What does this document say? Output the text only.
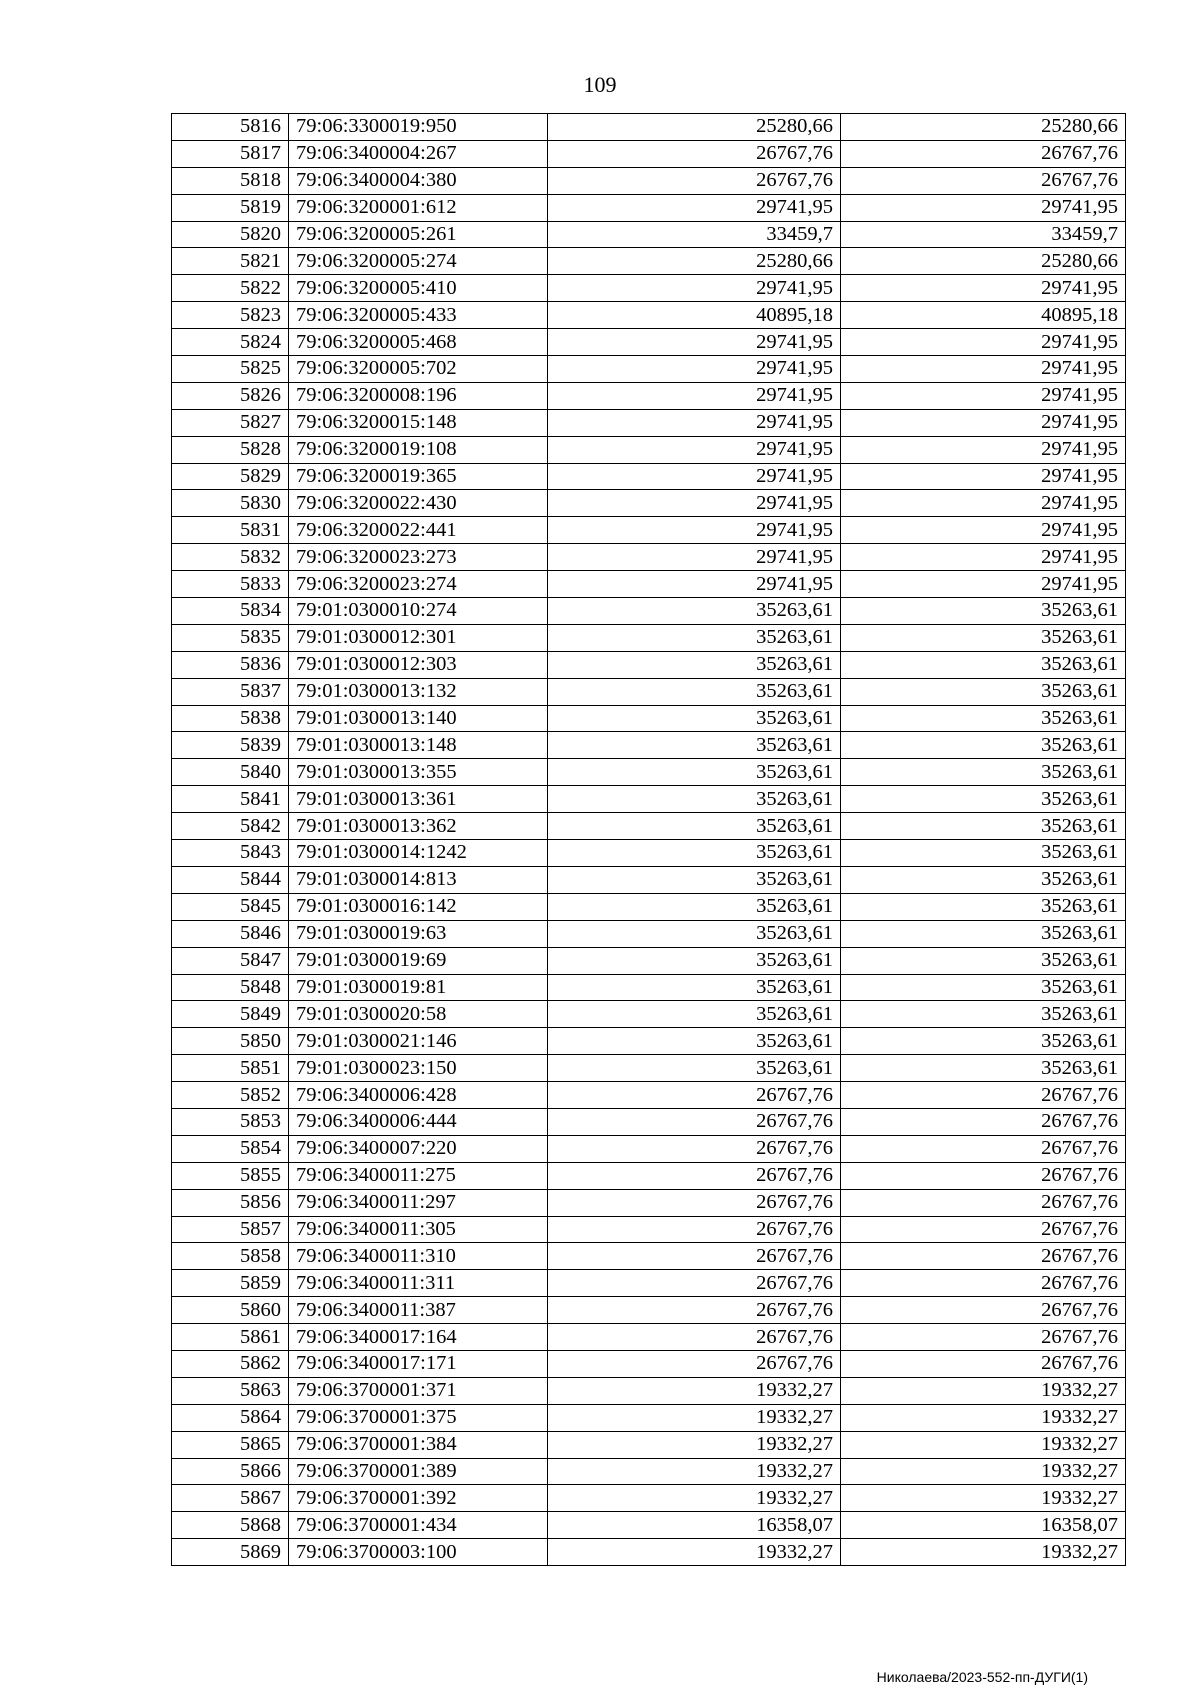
109
5816	79:06:3300019:950	25280,66	25280,66
5817	79:06:3400004:267	26767,76	26767,76
5818	79:06:3400004:380	26767,76	26767,76
5819	79:06:3200001:612	29741,95	29741,95
5820	79:06:3200005:261	33459,7	33459,7
5821	79:06:3200005:274	25280,66	25280,66
5822	79:06:3200005:410	29741,95	29741,95
5823	79:06:3200005:433	40895,18	40895,18
5824	79:06:3200005:468	29741,95	29741,95
5825	79:06:3200005:702	29741,95	29741,95
5826	79:06:3200008:196	29741,95	29741,95
5827	79:06:3200015:148	29741,95	29741,95
5828	79:06:3200019:108	29741,95	29741,95
5829	79:06:3200019:365	29741,95	29741,95
5830	79:06:3200022:430	29741,95	29741,95
5831	79:06:3200022:441	29741,95	29741,95
5832	79:06:3200023:273	29741,95	29741,95
5833	79:06:3200023:274	29741,95	29741,95
5834	79:01:0300010:274	35263,61	35263,61
5835	79:01:0300012:301	35263,61	35263,61
5836	79:01:0300012:303	35263,61	35263,61
5837	79:01:0300013:132	35263,61	35263,61
5838	79:01:0300013:140	35263,61	35263,61
5839	79:01:0300013:148	35263,61	35263,61
5840	79:01:0300013:355	35263,61	35263,61
5841	79:01:0300013:361	35263,61	35263,61
5842	79:01:0300013:362	35263,61	35263,61
5843	79:01:0300014:1242	35263,61	35263,61
5844	79:01:0300014:813	35263,61	35263,61
5845	79:01:0300016:142	35263,61	35263,61
5846	79:01:0300019:63	35263,61	35263,61
5847	79:01:0300019:69	35263,61	35263,61
5848	79:01:0300019:81	35263,61	35263,61
5849	79:01:0300020:58	35263,61	35263,61
5850	79:01:0300021:146	35263,61	35263,61
5851	79:01:0300023:150	35263,61	35263,61
5852	79:06:3400006:428	26767,76	26767,76
5853	79:06:3400006:444	26767,76	26767,76
5854	79:06:3400007:220	26767,76	26767,76
5855	79:06:3400011:275	26767,76	26767,76
5856	79:06:3400011:297	26767,76	26767,76
5857	79:06:3400011:305	26767,76	26767,76
5858	79:06:3400011:310	26767,76	26767,76
5859	79:06:3400011:311	26767,76	26767,76
5860	79:06:3400011:387	26767,76	26767,76
5861	79:06:3400017:164	26767,76	26767,76
5862	79:06:3400017:171	26767,76	26767,76
5863	79:06:3700001:371	19332,27	19332,27
5864	79:06:3700001:375	19332,27	19332,27
5865	79:06:3700001:384	19332,27	19332,27
5866	79:06:3700001:389	19332,27	19332,27
5867	79:06:3700001:392	19332,27	19332,27
5868	79:06:3700001:434	16358,07	16358,07
5869	79:06:3700003:100	19332,27	19332,27
Николаева/2023-552-пп-ДУГИ(1)
